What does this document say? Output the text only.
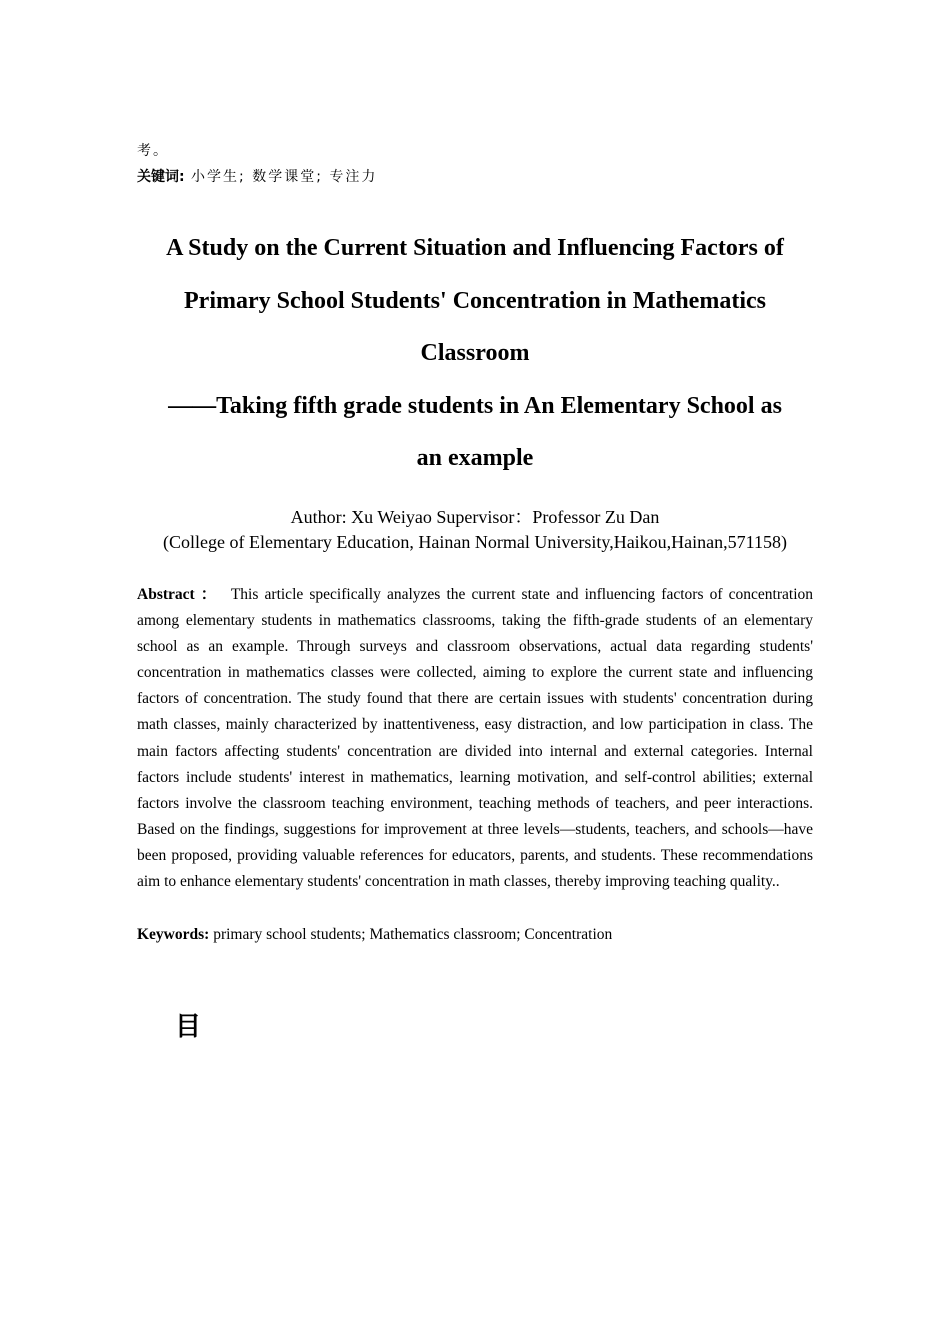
考。
关键词: 小学生; 数学课堂; 专注力
A Study on the Current Situation and Influencing Factors of
Primary School Students' Concentration in Mathematics
Classroom
——Taking fifth grade students in An Elementary School as
an example
Author: Xu Weiyao Supervisor：Professor Zu Dan
(College of Elementary Education, Hainan Normal University,Haikou,Hainan,571158)

Abstract ： This article specifically analyzes the current state and influencing factors of concentration among elementary students in mathematics classrooms, taking the fifth-grade students of an elementary school as an example. Through surveys and classroom observations, actual data regarding students' concentration in mathematics classes were collected, aiming to explore the current state and influencing factors of concentration. The study found that there are certain issues with students' concentration during math classes, mainly characterized by inattentiveness, easy distraction, and low participation in class. The main factors affecting students' concentration are divided into internal and external categories. Internal factors include students' interest in mathematics, learning motivation, and self-control abilities; external factors involve the classroom teaching environment, teaching methods of teachers, and peer interactions. Based on the findings, suggestions for improvement at three levels—students, teachers, and schools—have been proposed, providing valuable references for educators, parents, and students. These recommendations aim to enhance elementary students' concentration in math classes, thereby improving teaching quality..

Keywords: primary school students; Mathematics classroom; Concentration
目
